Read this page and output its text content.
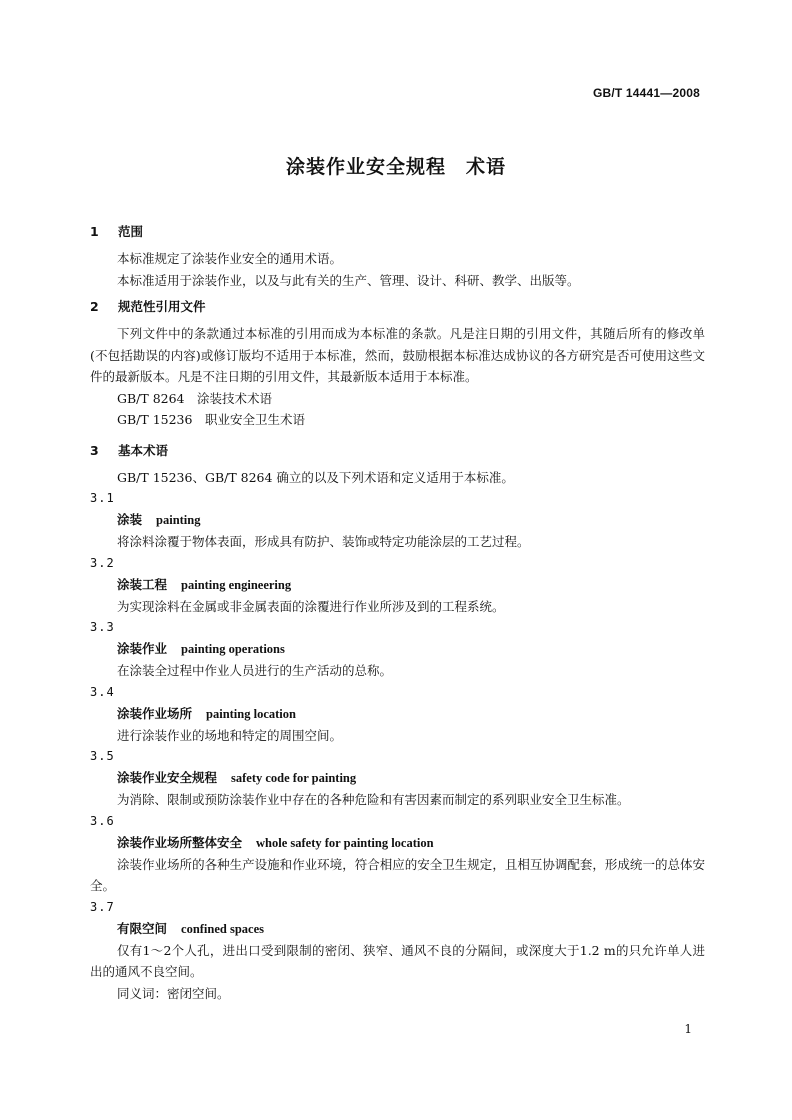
GB/T 14441—2008
涂装作业安全规程　术语
1 范围

本标准规定了涂装作业安全的通用术语。

本标准适用于涂装作业，以及与此有关的生产、管理、设计、科研、教学、出版等。

2 规范性引用文件

下列文件中的条款通过本标准的引用而成为本标准的条款。凡是注日期的引用文件，其随后所有的修改单(不包括勘误的内容)或修订版均不适用于本标准，然而，鼓励根据本标准达成协议的各方研究是否可使用这些文件的最新版本。凡是不注日期的引用文件，其最新版本适用于本标准。

GB/T 8264　 涂装技术术语
GB/T 15236　 职业安全卫生术语
3 基本术语

GB/T 15236、GB/T 8264 确立的以及下列术语和定义适用于本标准。

3.1
涂装 painting

将涂料涂覆于物体表面，形成具有防护、装饰或特定功能涂层的工艺过程。

3.2
涂装工程 painting engineering

为实现涂料在金属或非金属表面的涂覆进行作业所涉及到的工程系统。

3.3
涂装作业 painting operations

在涂装全过程中作业人员进行的生产活动的总称。

3.4
涂装作业场所 painting location

进行涂装作业的场地和特定的周围空间。

3.5
涂装作业安全规程 safety code for painting

为消除、限制或预防涂装作业中存在的各种危险和有害因素而制定的系列职业安全卫生标准。

3.6
涂装作业场所整体安全 whole safety for painting location

涂装作业场所的各种生产设施和作业环境，符合相应的安全卫生规定，且相互协调配套，形成统一的总体安全。

3.7
有限空间 confined spaces

仅有1～2个人孔，进出口受到限制的密闭、狭窄、通风不良的分隔间，或深度大于1.2 m的只允许单人进出的通风不良空间。

同义词：密闭空间。

1
